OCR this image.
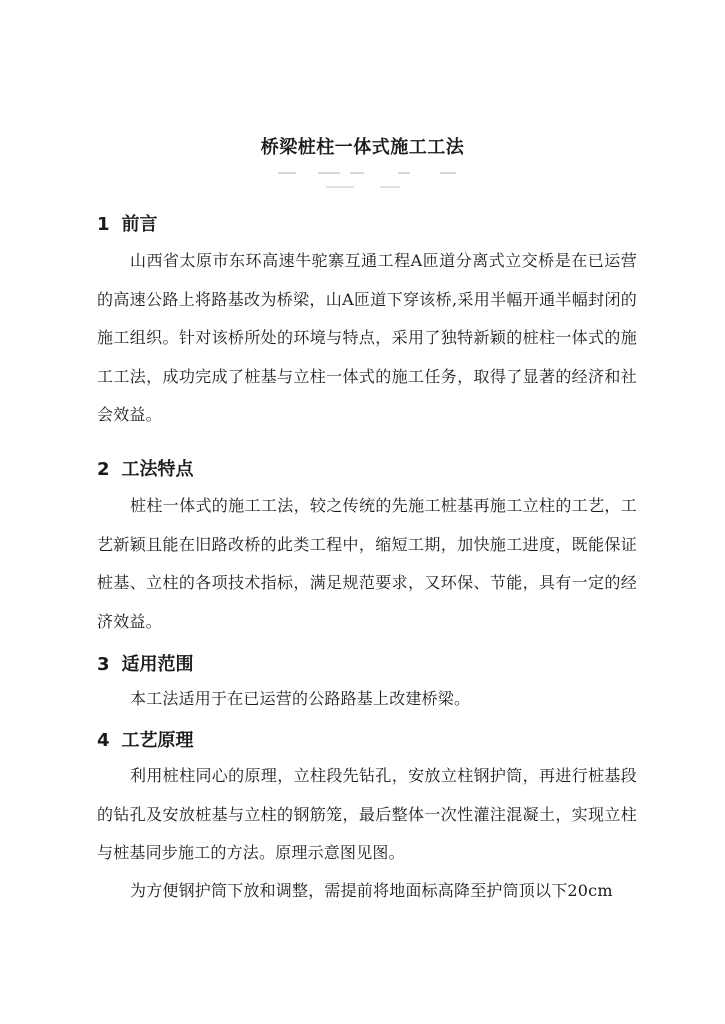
桥梁桩柱一体式施工工法
1 前言
山西省太原市东环高速牛驼寨互通工程A匝道分离式立交桥是在已运营的高速公路上将路基改为桥梁，山A匝道下穿该桥,采用半幅开通半幅封闭的施工组织。针对该桥所处的环境与特点，采用了独特新颖的桩柱一体式的施工工法，成功完成了桩基与立柱一体式的施工任务，取得了显著的经济和社会效益。
2 工法特点
桩柱一体式的施工工法，较之传统的先施工桩基再施工立柱的工艺，工艺新颖且能在旧路改桥的此类工程中，缩短工期，加快施工进度，既能保证桩基、立柱的各项技术指标，满足规范要求，又环保、节能，具有一定的经济效益。
3 适用范围
本工法适用于在已运营的公路路基上改建桥梁。
4 工艺原理
利用桩柱同心的原理，立柱段先钻孔，安放立柱钢护筒，再进行桩基段的钻孔及安放桩基与立柱的钢筋笼，最后整体一次性灌注混凝土，实现立柱与桩基同步施工的方法。原理示意图见图。
为方便钢护筒下放和调整，需提前将地面标高降至护筒顶以下20cm
